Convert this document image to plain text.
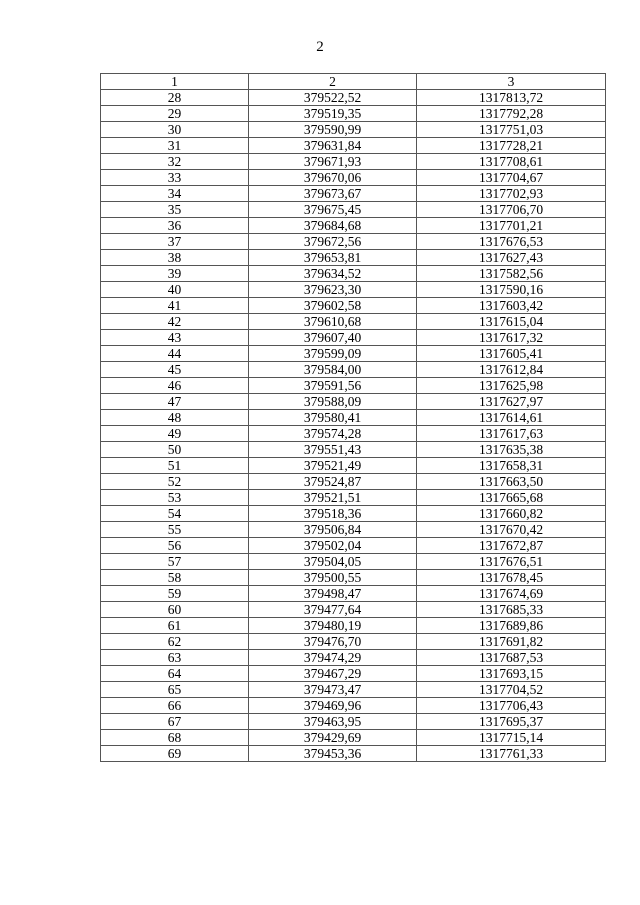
2
1	2	3
28	379522,52	1317813,72
29	379519,35	1317792,28
30	379590,99	1317751,03
31	379631,84	1317728,21
32	379671,93	1317708,61
33	379670,06	1317704,67
34	379673,67	1317702,93
35	379675,45	1317706,70
36	379684,68	1317701,21
37	379672,56	1317676,53
38	379653,81	1317627,43
39	379634,52	1317582,56
40	379623,30	1317590,16
41	379602,58	1317603,42
42	379610,68	1317615,04
43	379607,40	1317617,32
44	379599,09	1317605,41
45	379584,00	1317612,84
46	379591,56	1317625,98
47	379588,09	1317627,97
48	379580,41	1317614,61
49	379574,28	1317617,63
50	379551,43	1317635,38
51	379521,49	1317658,31
52	379524,87	1317663,50
53	379521,51	1317665,68
54	379518,36	1317660,82
55	379506,84	1317670,42
56	379502,04	1317672,87
57	379504,05	1317676,51
58	379500,55	1317678,45
59	379498,47	1317674,69
60	379477,64	1317685,33
61	379480,19	1317689,86
62	379476,70	1317691,82
63	379474,29	1317687,53
64	379467,29	1317693,15
65	379473,47	1317704,52
66	379469,96	1317706,43
67	379463,95	1317695,37
68	379429,69	1317715,14
69	379453,36	1317761,33
